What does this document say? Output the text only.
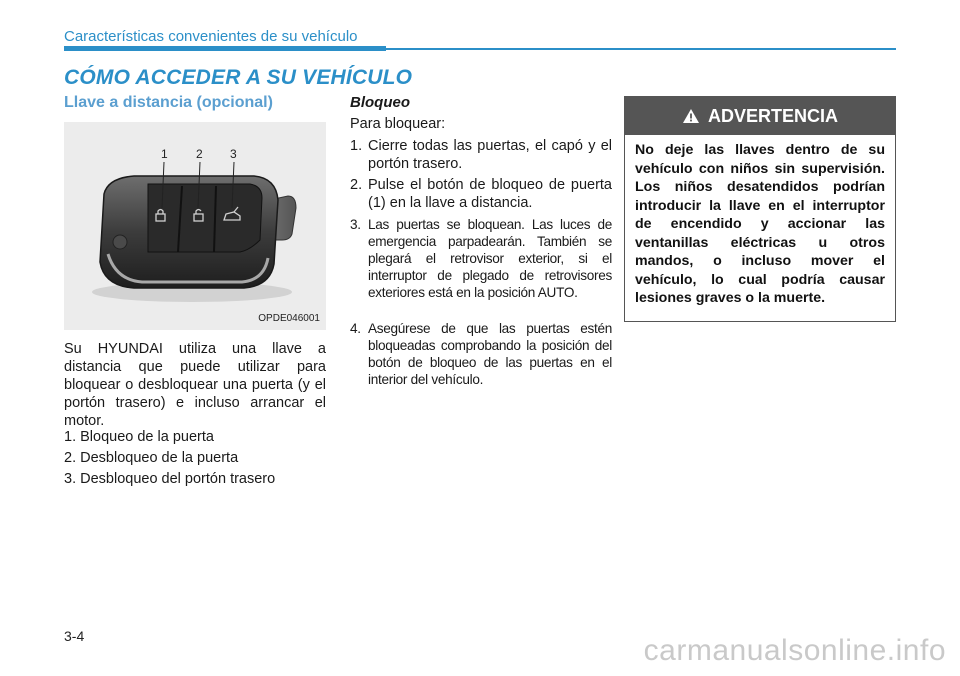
Características convenientes de su vehículo
CÓMO ACCEDER A SU VEHÍCULO
Llave a distancia (opcional)
1 2 3
OPDE046001
Su HYUNDAI utiliza una llave a distancia que puede utilizar para bloquear o desbloquear una puerta (y el portón trasero) e incluso arrancar el motor.
1. Bloqueo de la puerta
2. Desbloqueo de la puerta
3. Desbloqueo del portón trasero
Bloqueo
Para bloquear:
1. Cierre todas las puertas, el capó y el portón trasero.
2. Pulse el botón de bloqueo de puerta (1) en la llave a distancia.
3. Las puertas se bloquean. Las luces de emergencia parpadearán. También se plegará el retrovisor exterior, si el interruptor de plegado de retrovisores exteriores está en la posición AUTO.
4. Asegúrese de que las puertas estén bloqueadas comprobando la posición del botón de bloqueo de las puertas en el interior del vehículo.
ADVERTENCIA
No deje las llaves dentro de su vehículo con niños sin supervisión. Los niños desatendidos podrían introducir la llave en el interruptor de encendido y accionar las ventanillas eléctricas u otros mandos, o incluso mover el vehículo, lo cual podría causar lesiones graves o la muerte.
3-4	carmanualsonline.info
